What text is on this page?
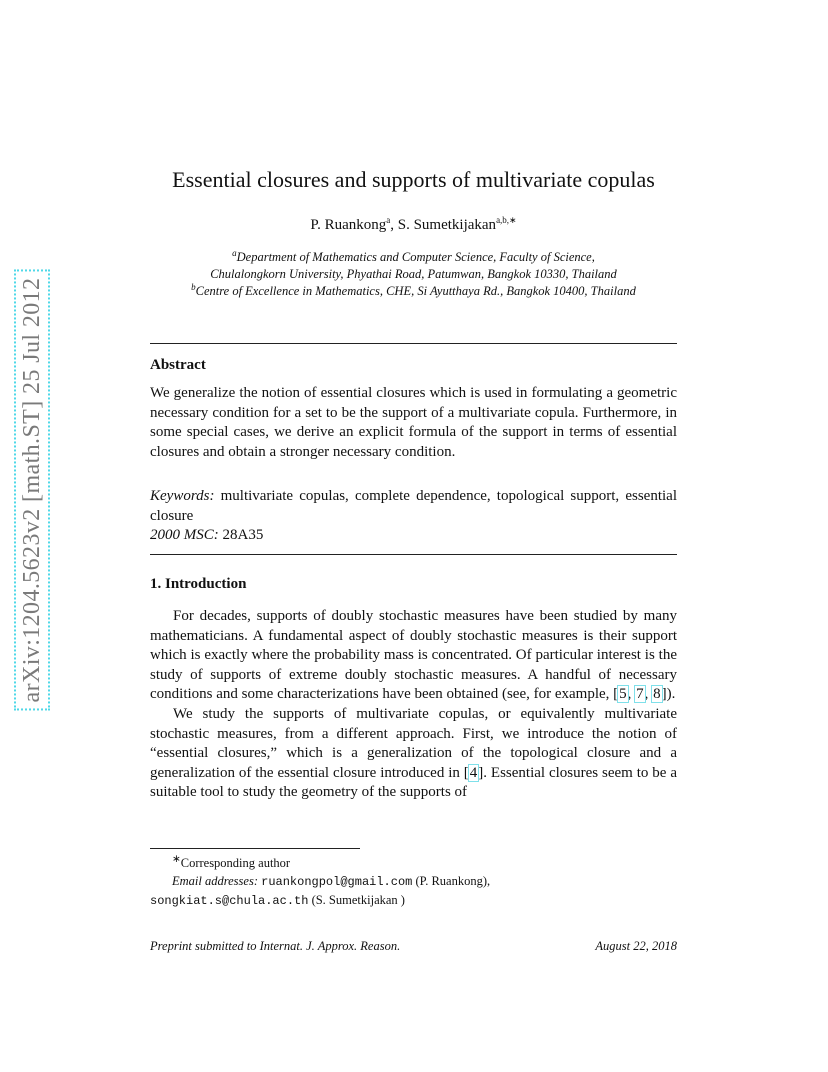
arXiv:1204.5623v2 [math.ST] 25 Jul 2012
Essential closures and supports of multivariate copulas
P. Ruankong$^a$, S. Sumetkijakan$^{a,b,∗}$
$^a$Department of Mathematics and Computer Science, Faculty of Science,
Chulalongkorn University, Phyathai Road, Patumwan, Bangkok 10330, Thailand
$^b$Centre of Excellence in Mathematics, CHE, Si Ayutthaya Rd., Bangkok 10400, Thailand
Abstract
We generalize the notion of essential closures which is used in formulating a geometric necessary condition for a set to be the support of a multivariate copula. Furthermore, in some special cases, we derive an explicit formula of the support in terms of essential closures and obtain a stronger necessary condition.
Keywords: multivariate copulas, complete dependence, topological support, essential closure
2000 MSC: 28A35
1. Introduction

For decades, supports of doubly stochastic measures have been studied by many mathematicians. A fundamental aspect of doubly stochastic measures is their support which is exactly where the probability mass is concentrated. Of particular interest is the study of supports of extreme doubly stochastic measures. A handful of necessary conditions and some characterizations have been obtained (see, for example, [5, 7, 8]).

We study the supports of multivariate copulas, or equivalently multivariate stochastic measures, from a different approach. First, we introduce the notion of “essential closures,” which is a generalization of the topological closure and a generalization of the essential closure introduced in [4]. Essential closures seem to be a suitable tool to study the geometry of the supports of

∗Corresponding author
Email addresses: ruankongpol@gmail.com (P. Ruankong),
songkiat.s@chula.ac.th (S. Sumetkijakan )
Preprint submitted to Internat. J. Approx. Reason.	August 22, 2018
